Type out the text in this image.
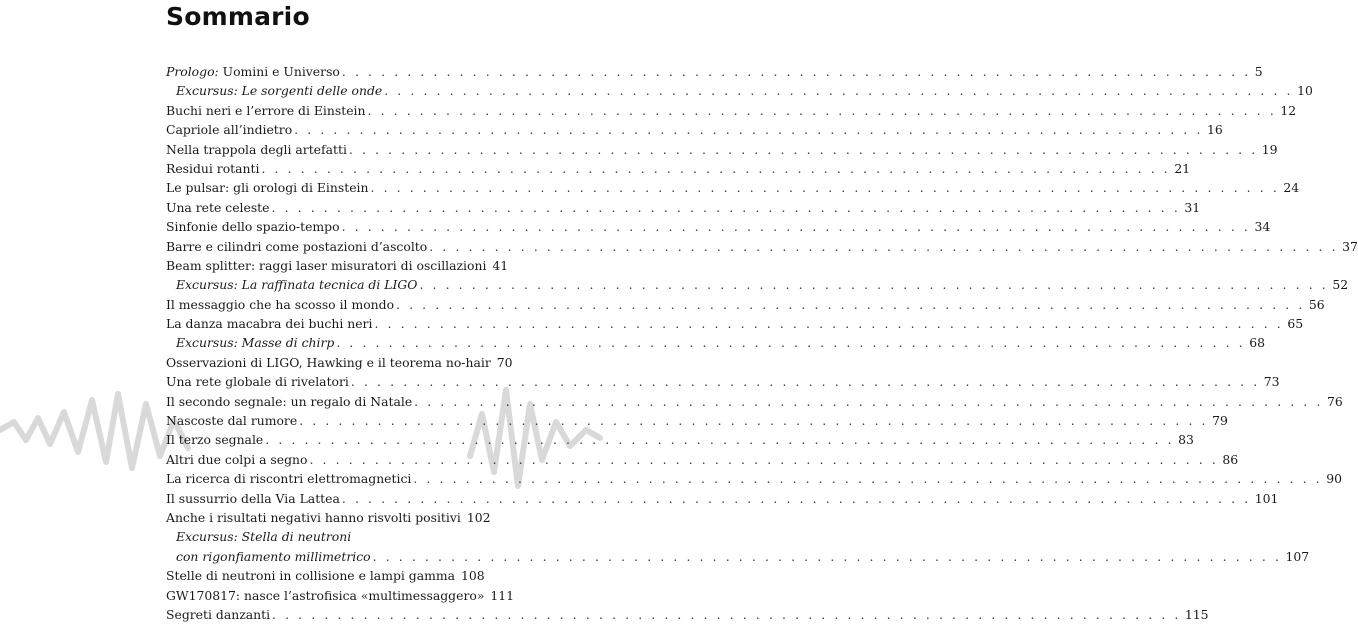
Sommario
Prologo: Uomini e Universo . . .	5
Excursus: Le sorgenti delle onde . . .	10
Buchi neri e l’errore di Einstein . . .	12
Capriole all’indietro . . .	16
Nella trappola degli artefatti . . .	19
Residui rotanti . . .	21
Le pulsar: gli orologi di Einstein . . .	24
Una rete celeste . . .	31
Sinfonie dello spazio-tempo . . .	34
Barre e cilindri come postazioni d’ascolto . . .	37
Beam splitter: raggi laser misuratori di oscillazioni 41
Excursus: La raffinata tecnica di LIGO . . .	52
Il messaggio che ha scosso il mondo . . .	56
La danza macabra dei buchi neri . . .	65
Excursus: Masse di chirp . . .	68
Osservazioni di LIGO, Hawking e il teorema no-hair 70
Una rete globale di rivelatori . . .	73
Il secondo segnale: un regalo di Natale . . .	76
Nascoste dal rumore . . .	79
Il terzo segnale . . .	83
Altri due colpi a segno . . .	86
La ricerca di riscontri elettromagnetici . . .	90
Il sussurrio della Via Lattea . . .	101
Anche i risultati negativi hanno risvolti positivi 102
Excursus: Stella di neutroni
con rigonfiamento millimetrico . . .	107
Stelle di neutroni in collisione e lampi gamma 108
GW170817: nasce l’astrofisica «multimessaggero» 111
Segreti danzanti . . .	115
